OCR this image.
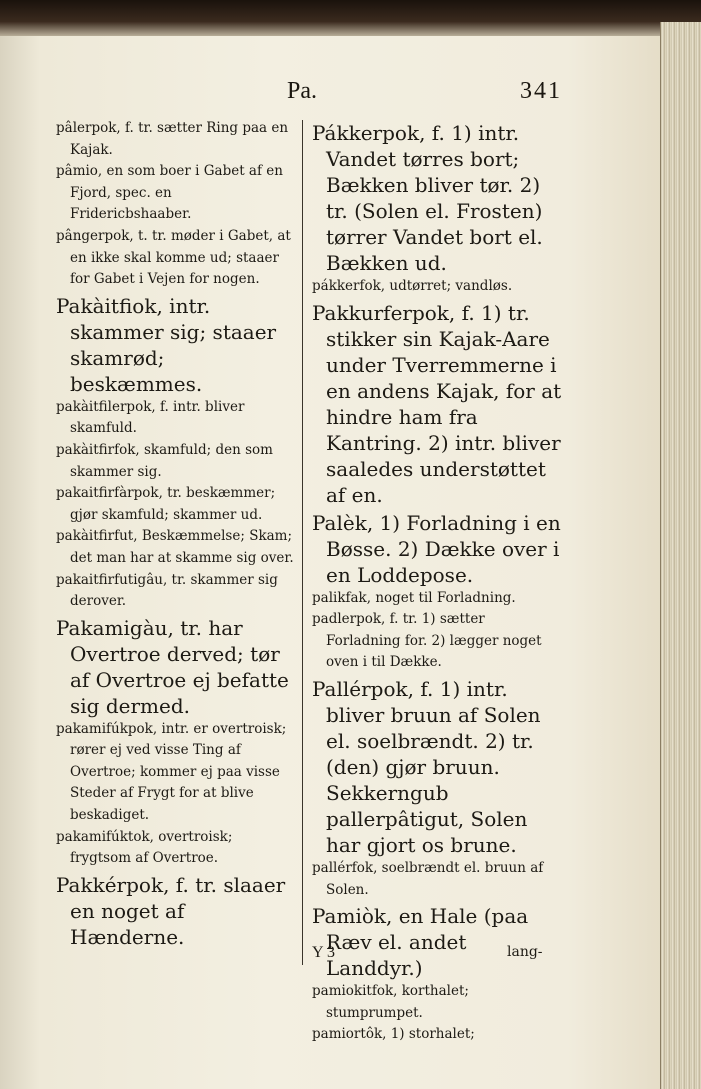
Pa.	341

pâlerpok, f. tr. sætter Ring paa en Kajak.

pâmio, en som boer i Gabet af en Fjord, spec. en Fridericbshaaber.

pângerpok, t. tr. møder i Gabet, at en ikke skal komme ud; staaer for Gabet i Vejen for nogen.

Pakàitfiok, intr. skammer sig; staaer skamrød; beskæmmes.

pakàitfilerpok, f. intr. bliver skamfuld.

pakàitfirfok, skamfuld; den som skammer sig.

pakaitfirfàrpok, tr. beskæmmer; gjør skamfuld; skammer ud.

pakàitfirfut, Beskæmmelse; Skam; det man har at skamme sig over.

pakaitfirfutigâu, tr. skammer sig derover.

Pakamigàu, tr. har Overtroe derved; tør af Overtroe ej befatte sig dermed.

pakamifúkpok, intr. er overtroisk; rører ej ved visse Ting af Overtroe; kommer ej paa visse Steder af Frygt for at blive beskadiget.

pakamifúktok, overtroisk; frygtsom af Overtroe.

Pakkérpok, f. tr. slaaer en noget af Hænderne.

Pákkerpok, f. 1) intr. Vandet tørres bort; Bækken bliver tør. 2) tr. (Solen el. Frosten) tørrer Vandet bort el. Bækken ud.

pákkerfok, udtørret; vandløs.

Pakkurferpok, f. 1) tr. stikker sin Kajak-Aare under Tverremmerne i en andens Kajak, for at hindre ham fra Kantring. 2) intr. bliver saaledes understøttet af en.

Palèk, 1) Forladning i en Bøsse. 2) Dække over i en Loddepose.

palikfak, noget til Forladning.

padlerpok, f. tr. 1) sætter Forladning for. 2) lægger noget oven i til Dække.

Pallérpok, f. 1) intr. bliver bruun af Solen el. soelbrændt. 2) tr. (den) gjør bruun. Sekkerngub pallerpâtigut, Solen har gjort os brune.

pallérfok, soelbrændt el. bruun af Solen.

Pamiòk, en Hale (paa Ræv el. andet Landdyr.)

pamiokitfok, korthalet; stumprumpet.

pamiortôk, 1) storhalet;

Y 3	lang-
